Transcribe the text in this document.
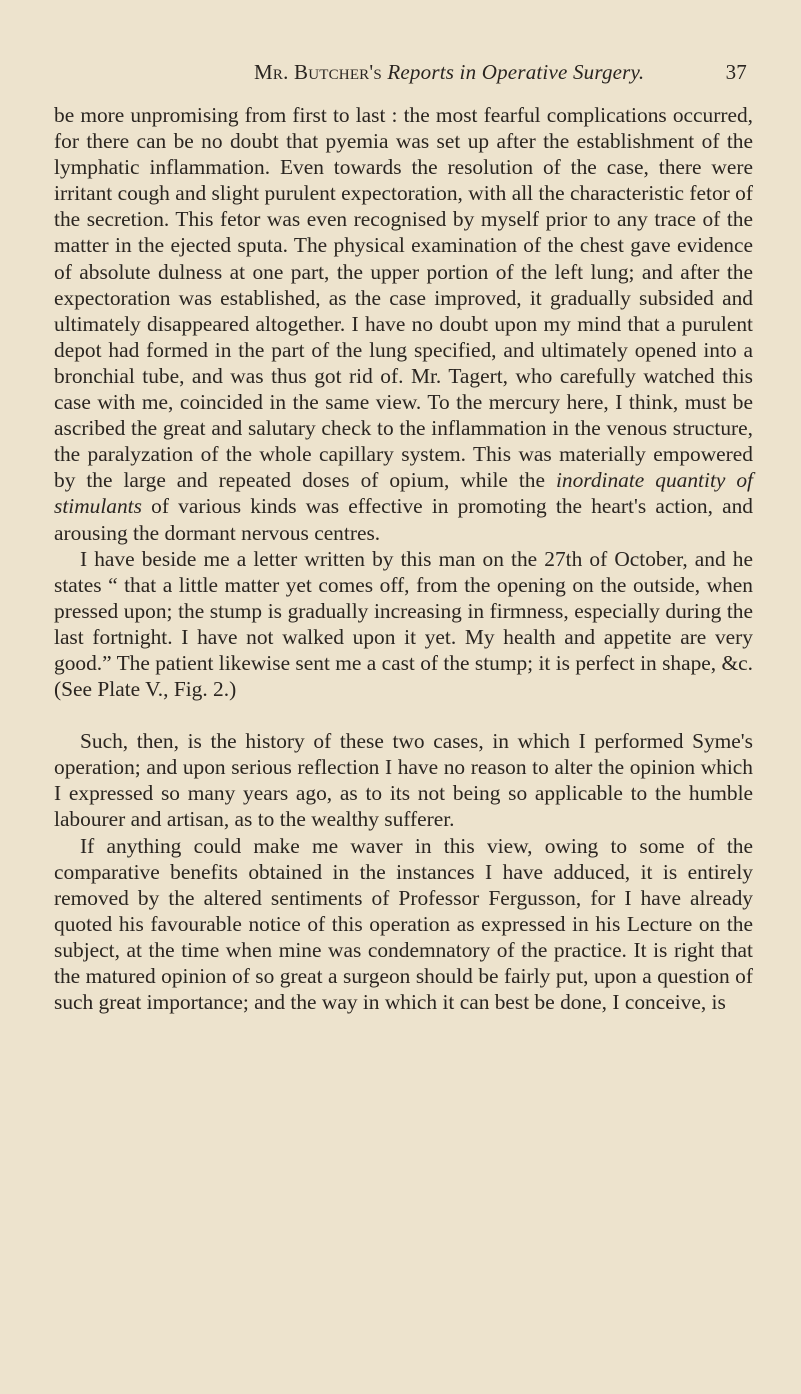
Mr. Butcher's Reports in Operative Surgery.	37

be more unpromising from first to last : the most fearful complications occurred, for there can be no doubt that pyemia was set up after the establishment of the lymphatic inflammation. Even towards the resolution of the case, there were irritant cough and slight purulent expectoration, with all the characteristic fetor of the secretion. This fetor was even recognised by myself prior to any trace of the matter in the ejected sputa. The physical examination of the chest gave evidence of absolute dulness at one part, the upper portion of the left lung; and after the expectoration was established, as the case improved, it gradually subsided and ultimately disappeared altogether. I have no doubt upon my mind that a purulent depot had formed in the part of the lung specified, and ultimately opened into a bronchial tube, and was thus got rid of. Mr. Tagert, who carefully watched this case with me, coincided in the same view. To the mercury here, I think, must be ascribed the great and salutary check to the inflammation in the venous structure, the paralyzation of the whole capillary system. This was materially empowered by the large and repeated doses of opium, while the inordinate quantity of stimulants of various kinds was effective in promoting the heart's action, and arousing the dormant nervous centres.

I have beside me a letter written by this man on the 27th of October, and he states “ that a little matter yet comes off, from the opening on the outside, when pressed upon; the stump is gradually increasing in firmness, especially during the last fortnight. I have not walked upon it yet. My health and appetite are very good.” The patient likewise sent me a cast of the stump; it is perfect in shape, &c. (See Plate V., Fig. 2.)

Such, then, is the history of these two cases, in which I performed Syme's operation; and upon serious reflection I have no reason to alter the opinion which I expressed so many years ago, as to its not being so applicable to the humble labourer and artisan, as to the wealthy sufferer.

If anything could make me waver in this view, owing to some of the comparative benefits obtained in the instances I have adduced, it is entirely removed by the altered sentiments of Professor Fergusson, for I have already quoted his favourable notice of this operation as expressed in his Lecture on the subject, at the time when mine was condemnatory of the practice. It is right that the matured opinion of so great a surgeon should be fairly put, upon a question of such great importance; and the way in which it can best be done, I conceive, is
